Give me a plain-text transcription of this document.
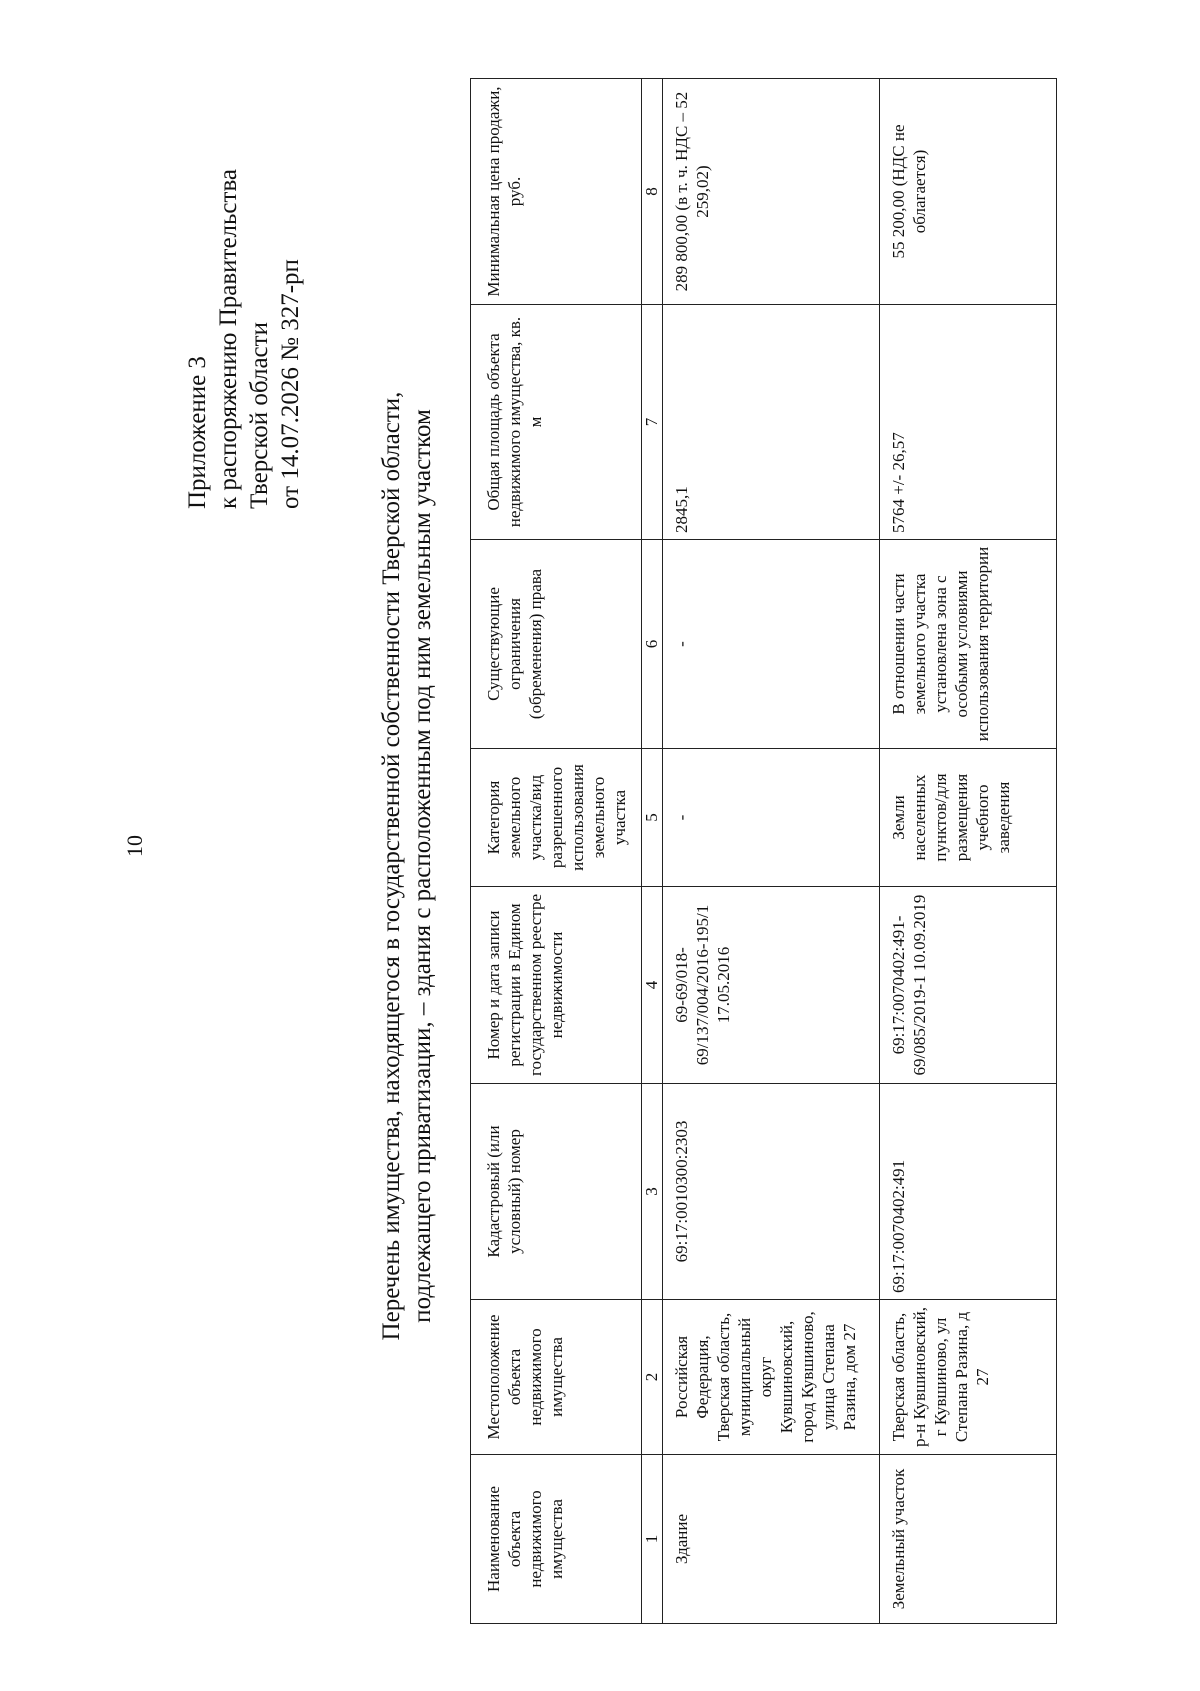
10
Приложение 3 к распоряжению Правительства Тверской области от 14.07.2026 № 327-рп
Перечень имущества, находящегося в государственной собственности Тверской области, подлежащего приватизации, – здания с расположенным под ним земельным участком
Наименование объекта недвижимого имущества	Местоположение объекта недвижимого имущества	Кадастровый (или условный) номер	Номер и дата записи регистрации в Едином государственном реестре недвижимости	Категория земельного участка/вид разрешенного использования земельного участка	Существующие ограничения (обременения) права	Общая площадь объекта недвижимого имущества, кв. м	Минимальная цена продажи, руб.
1	2	3	4	5	6	7	8
Здание	Российская Федерация, Тверская область, муниципальный округ Кувшиновский, город Кувшиново, улица Степана Разина, дом 27	69:17:0010300:2303	69-69/018-69/137/004/2016-195/1 17.05.2016	-	-	2845,1	289 800,00 (в т. ч. НДС – 52 259,02)
Земельный участок	Тверская область, р-н Кувшиновский, г Кувшиново, ул Степана Разина, д 27	69:17:0070402:491	69:17:0070402:491-69/085/2019-1 10.09.2019	Земли населенных пунктов/для размещения учебного заведения	В отношении части земельного участка установлена зона с особыми условиями использования территории	5764 +/- 26,57	55 200,00 (НДС не облагается)
